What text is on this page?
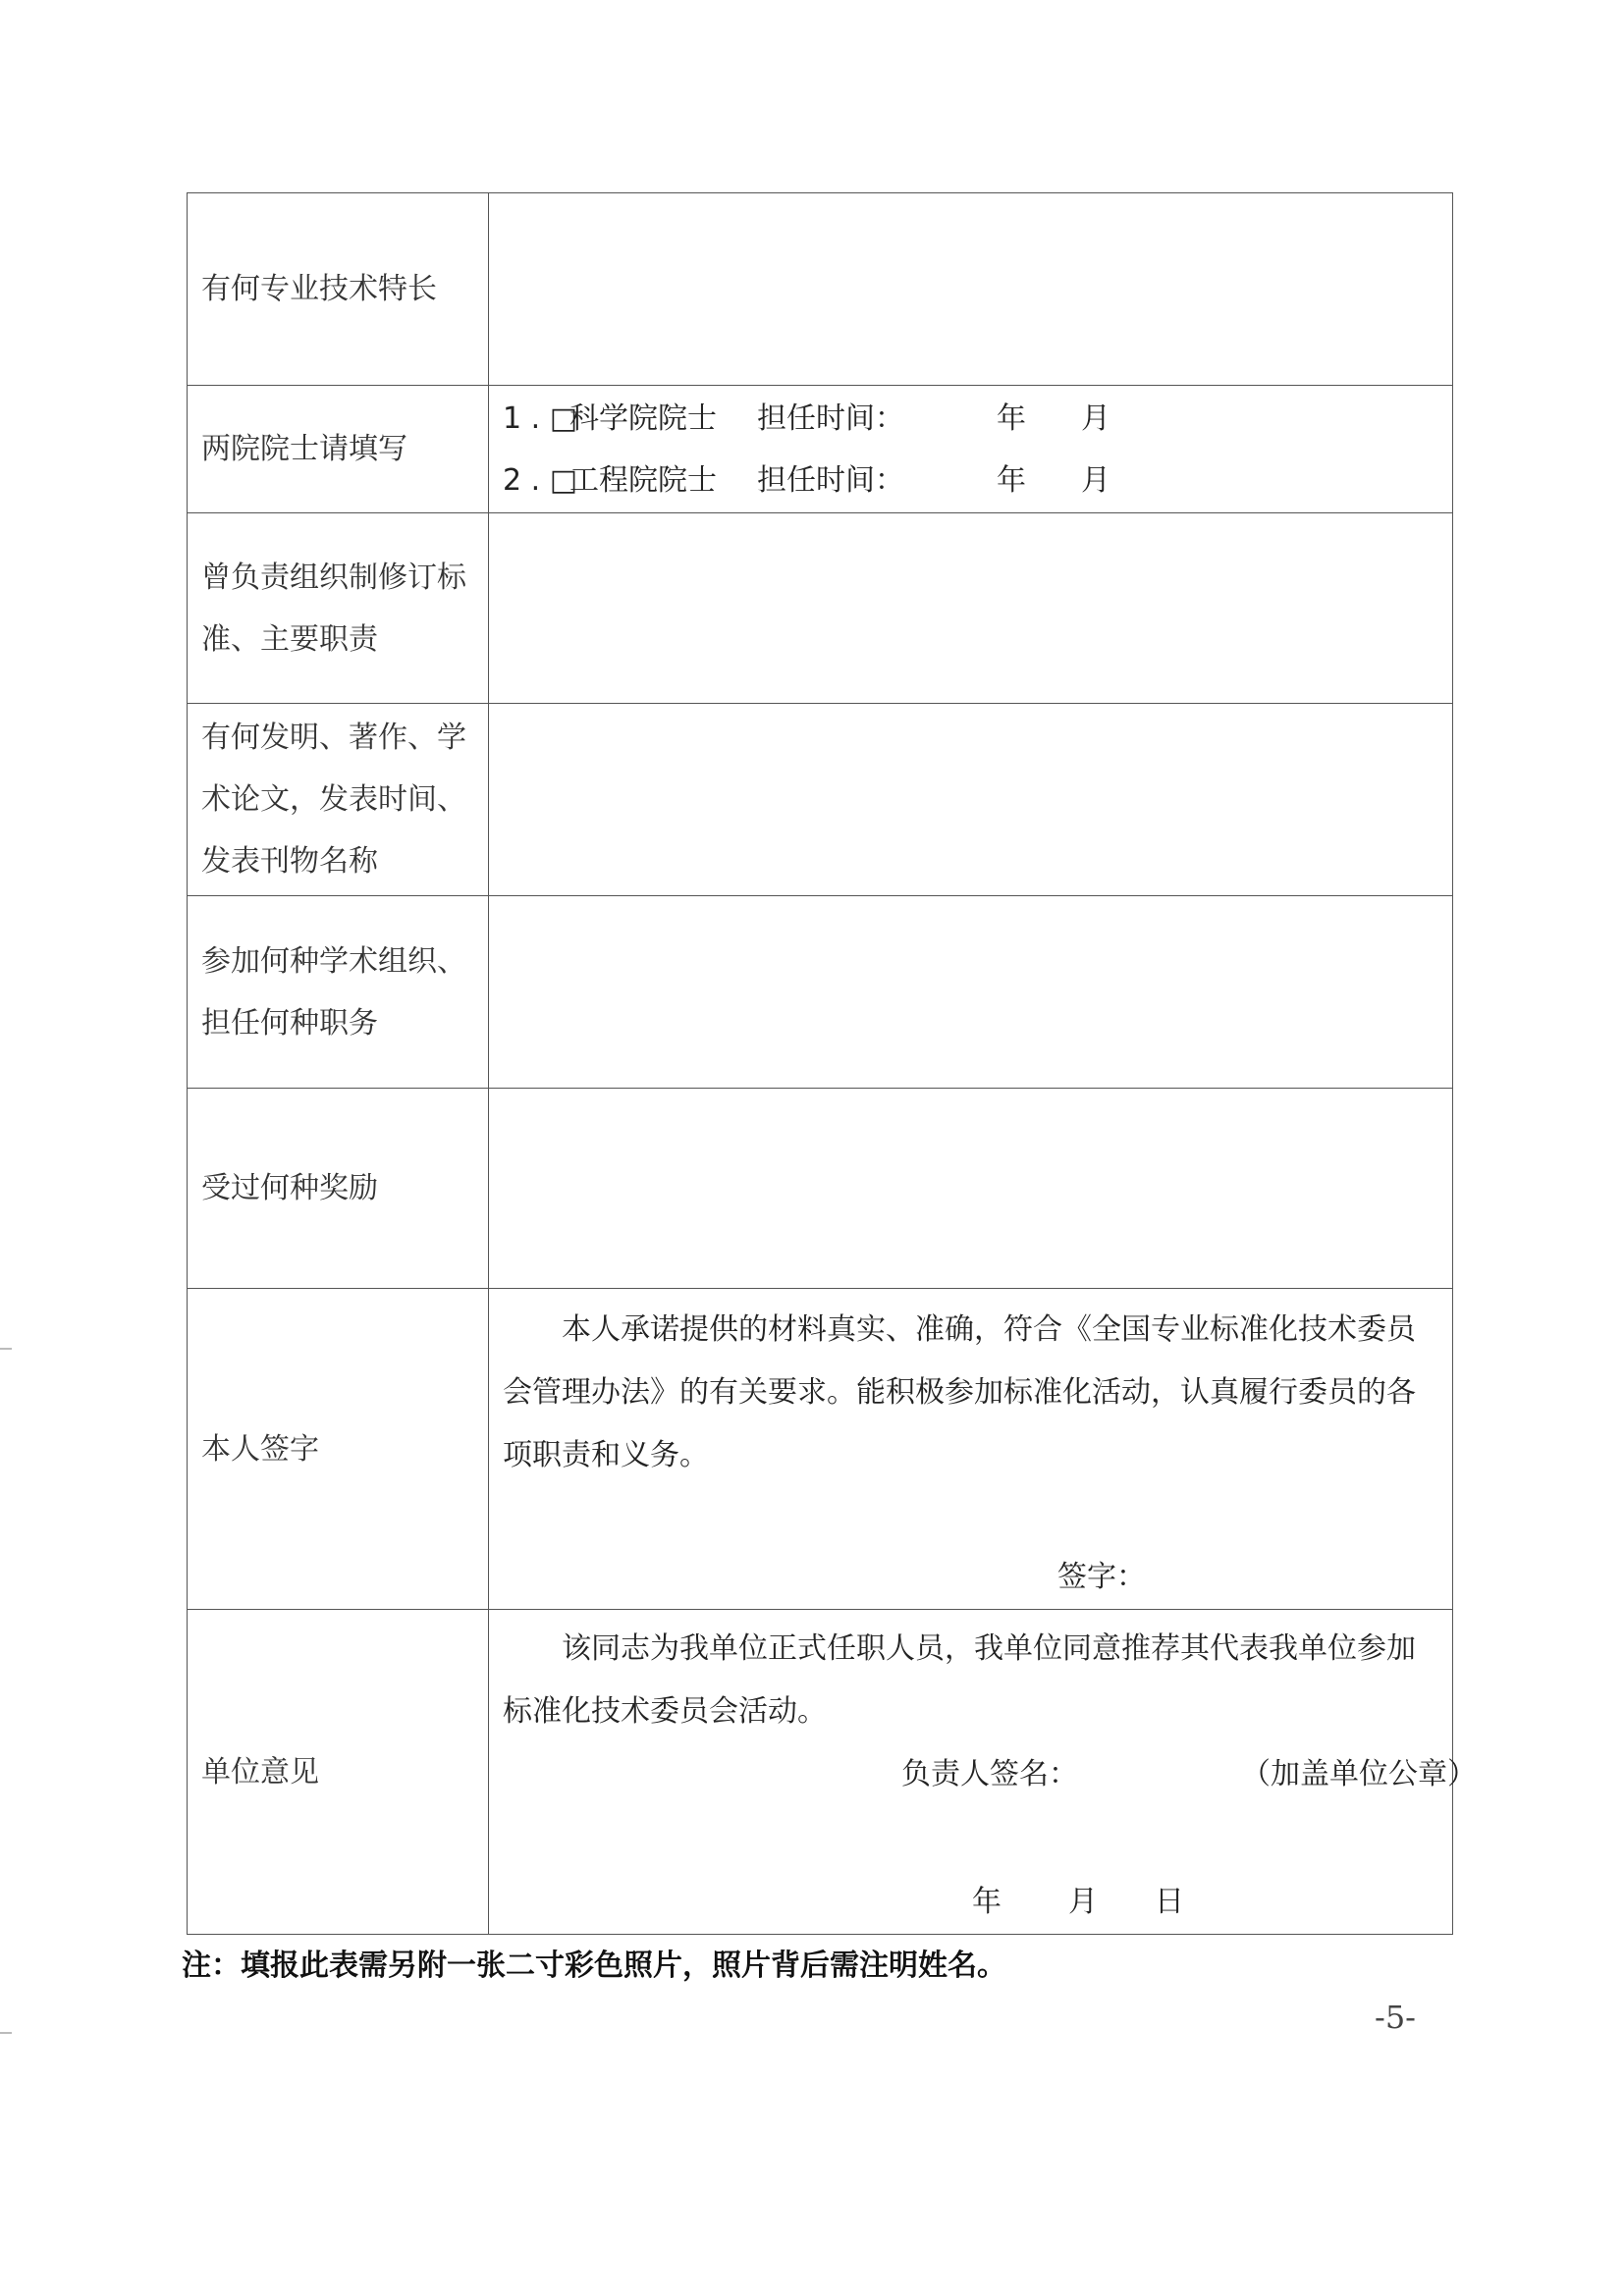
有何专业技术特长	
两院院士请填写	1 . □科学院院士 担任时间： 年 月
2 . □工程院院士 担任时间： 年 月

曾负责组织制修订标准、主要职责	
有何发明、著作、学术论文，发表时间、发表刊物名称	
参加何种学术组织、担任何种职务	
受过何种奖励	
本人签字	本人承诺提供的材料真实、准确，符合《全国专业标准化技术委员会管理办法》的有关要求。能积极参加标准化活动，认真履行委员的各项职责和义务。

签字：

单位意见	该同志为我单位正式任职人员，我单位同意推荐其代表我单位参加标准化技术委员会活动。

负责人签名： （加盖单位公章）
年 月 日
注：填报此表需另附一张二寸彩色照片，照片背后需注明姓名。
-5-
